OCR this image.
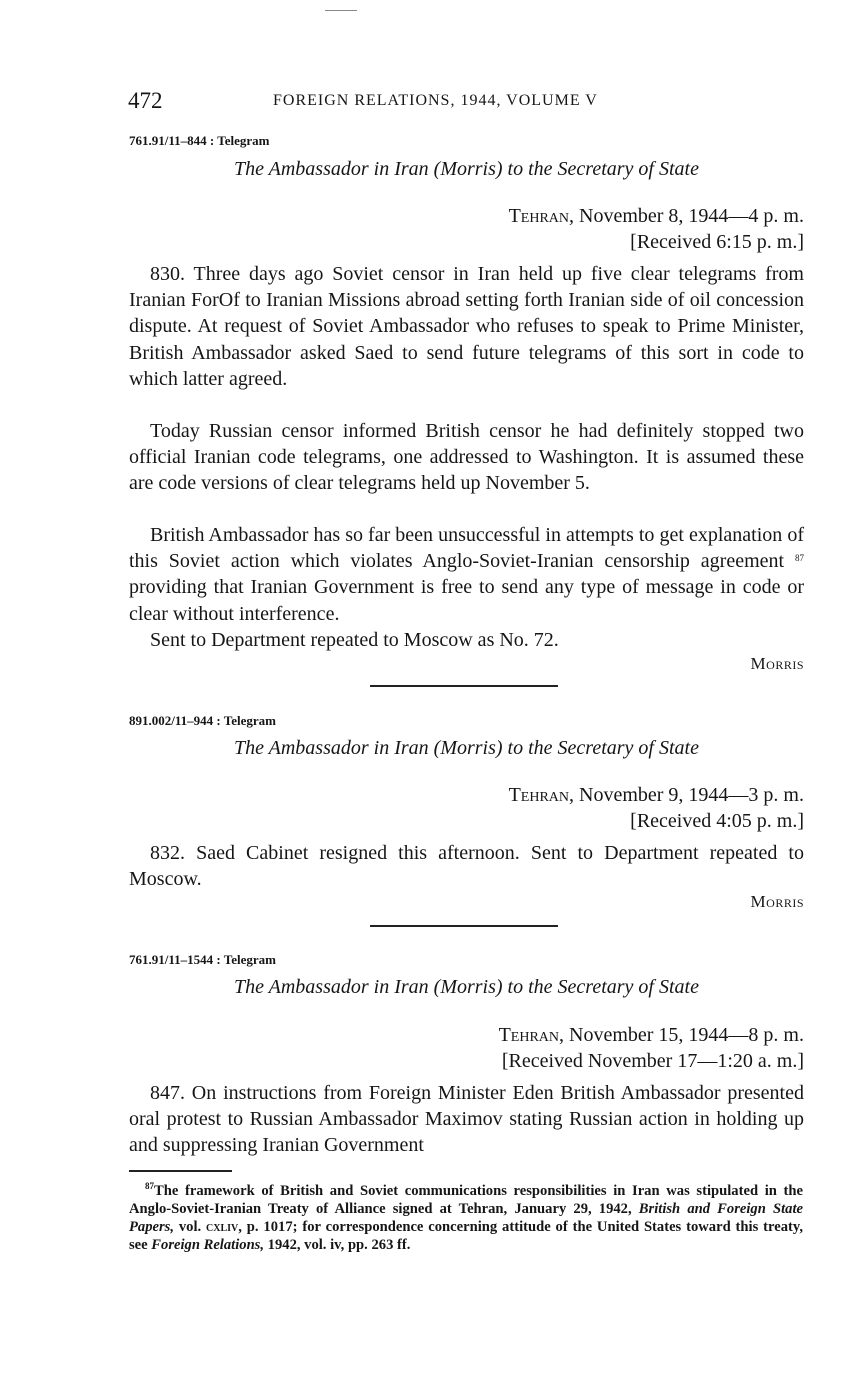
472	FOREIGN RELATIONS, 1944, VOLUME V
761.91/11–844 : Telegram
The Ambassador in Iran (Morris) to the Secretary of State
Tehran, November 8, 1944—4 p. m.
[Received 6:15 p. m.]

830. Three days ago Soviet censor in Iran held up five clear telegrams from Iranian ForOf to Iranian Missions abroad setting forth Iranian side of oil concession dispute. At request of Soviet Ambassador who refuses to speak to Prime Minister, British Ambassador asked Saed to send future telegrams of this sort in code to which latter agreed.

Today Russian censor informed British censor he had definitely stopped two official Iranian code telegrams, one addressed to Washington. It is assumed these are code versions of clear telegrams held up November 5.

British Ambassador has so far been unsuccessful in attempts to get explanation of this Soviet action which violates Anglo-Soviet-Iranian censorship agreement $^{87}$ providing that Iranian Government is free to send any type of message in code or clear without interference.

Sent to Department repeated to Moscow as No. 72.

Morris
891.002/11–944 : Telegram
The Ambassador in Iran (Morris) to the Secretary of State
Tehran, November 9, 1944—3 p. m.
[Received 4:05 p. m.]

832. Saed Cabinet resigned this afternoon. Sent to Department repeated to Moscow.

Morris
761.91/11–1544 : Telegram
The Ambassador in Iran (Morris) to the Secretary of State
Tehran, November 15, 1944—8 p. m.
[Received November 17—1:20 a. m.]

847. On instructions from Foreign Minister Eden British Ambassador presented oral protest to Russian Ambassador Maximov stating Russian action in holding up and suppressing Iranian Government

$^{87}$The framework of British and Soviet communications responsibilities in Iran was stipulated in the Anglo-Soviet-Iranian Treaty of Alliance signed at Tehran, January 29, 1942, British and Foreign State Papers, vol. cxliv, p. 1017; for correspondence concerning attitude of the United States toward this treaty, see Foreign Relations, 1942, vol. iv, pp. 263 ff.
